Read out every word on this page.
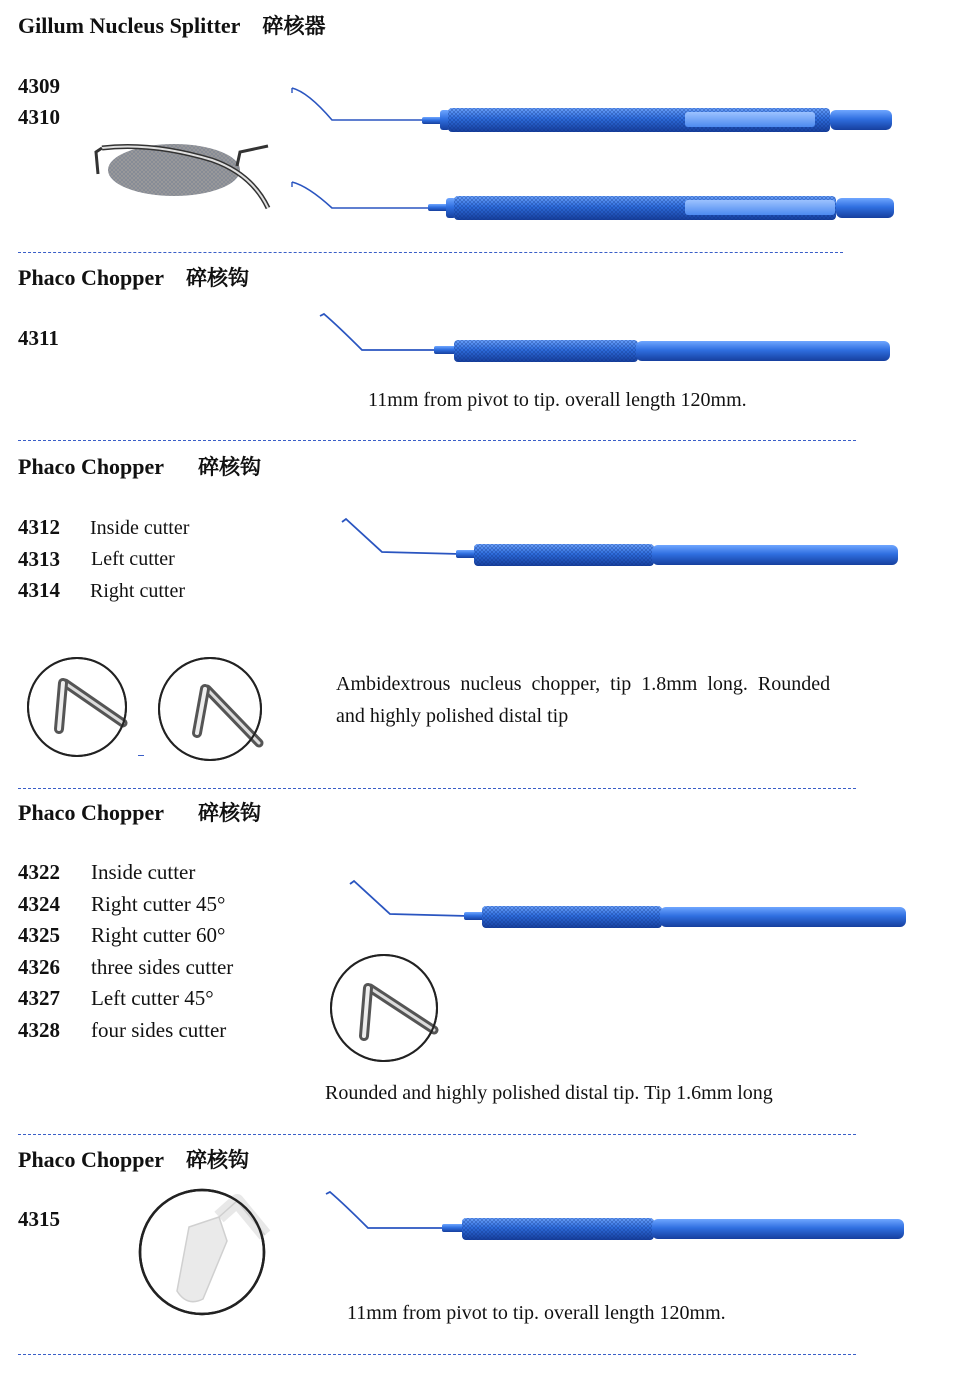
Gillum Nucleus Splitter 碎核器
4309
4310
Phaco Chopper 碎核钩
4311
11mm from pivot to tip. overall length 120mm.
Phaco Chopper 碎核钩
4312 Inside cutter
4313 Left cutter
4314 Right cutter
Ambidextrous  nucleus  chopper,  tip  1.8mm  long.  Rounded
and highly polished distal tip
Phaco Chopper 碎核钩
4322 Inside cutter
4324 Right cutter 45°
4325 Right cutter 60°
4326 three sides cutter
4327 Left cutter 45°
4328 four sides cutter
Rounded and highly polished distal tip. Tip 1.6mm long
Phaco Chopper 碎核钩
4315
11mm from pivot to tip. overall length 120mm.
